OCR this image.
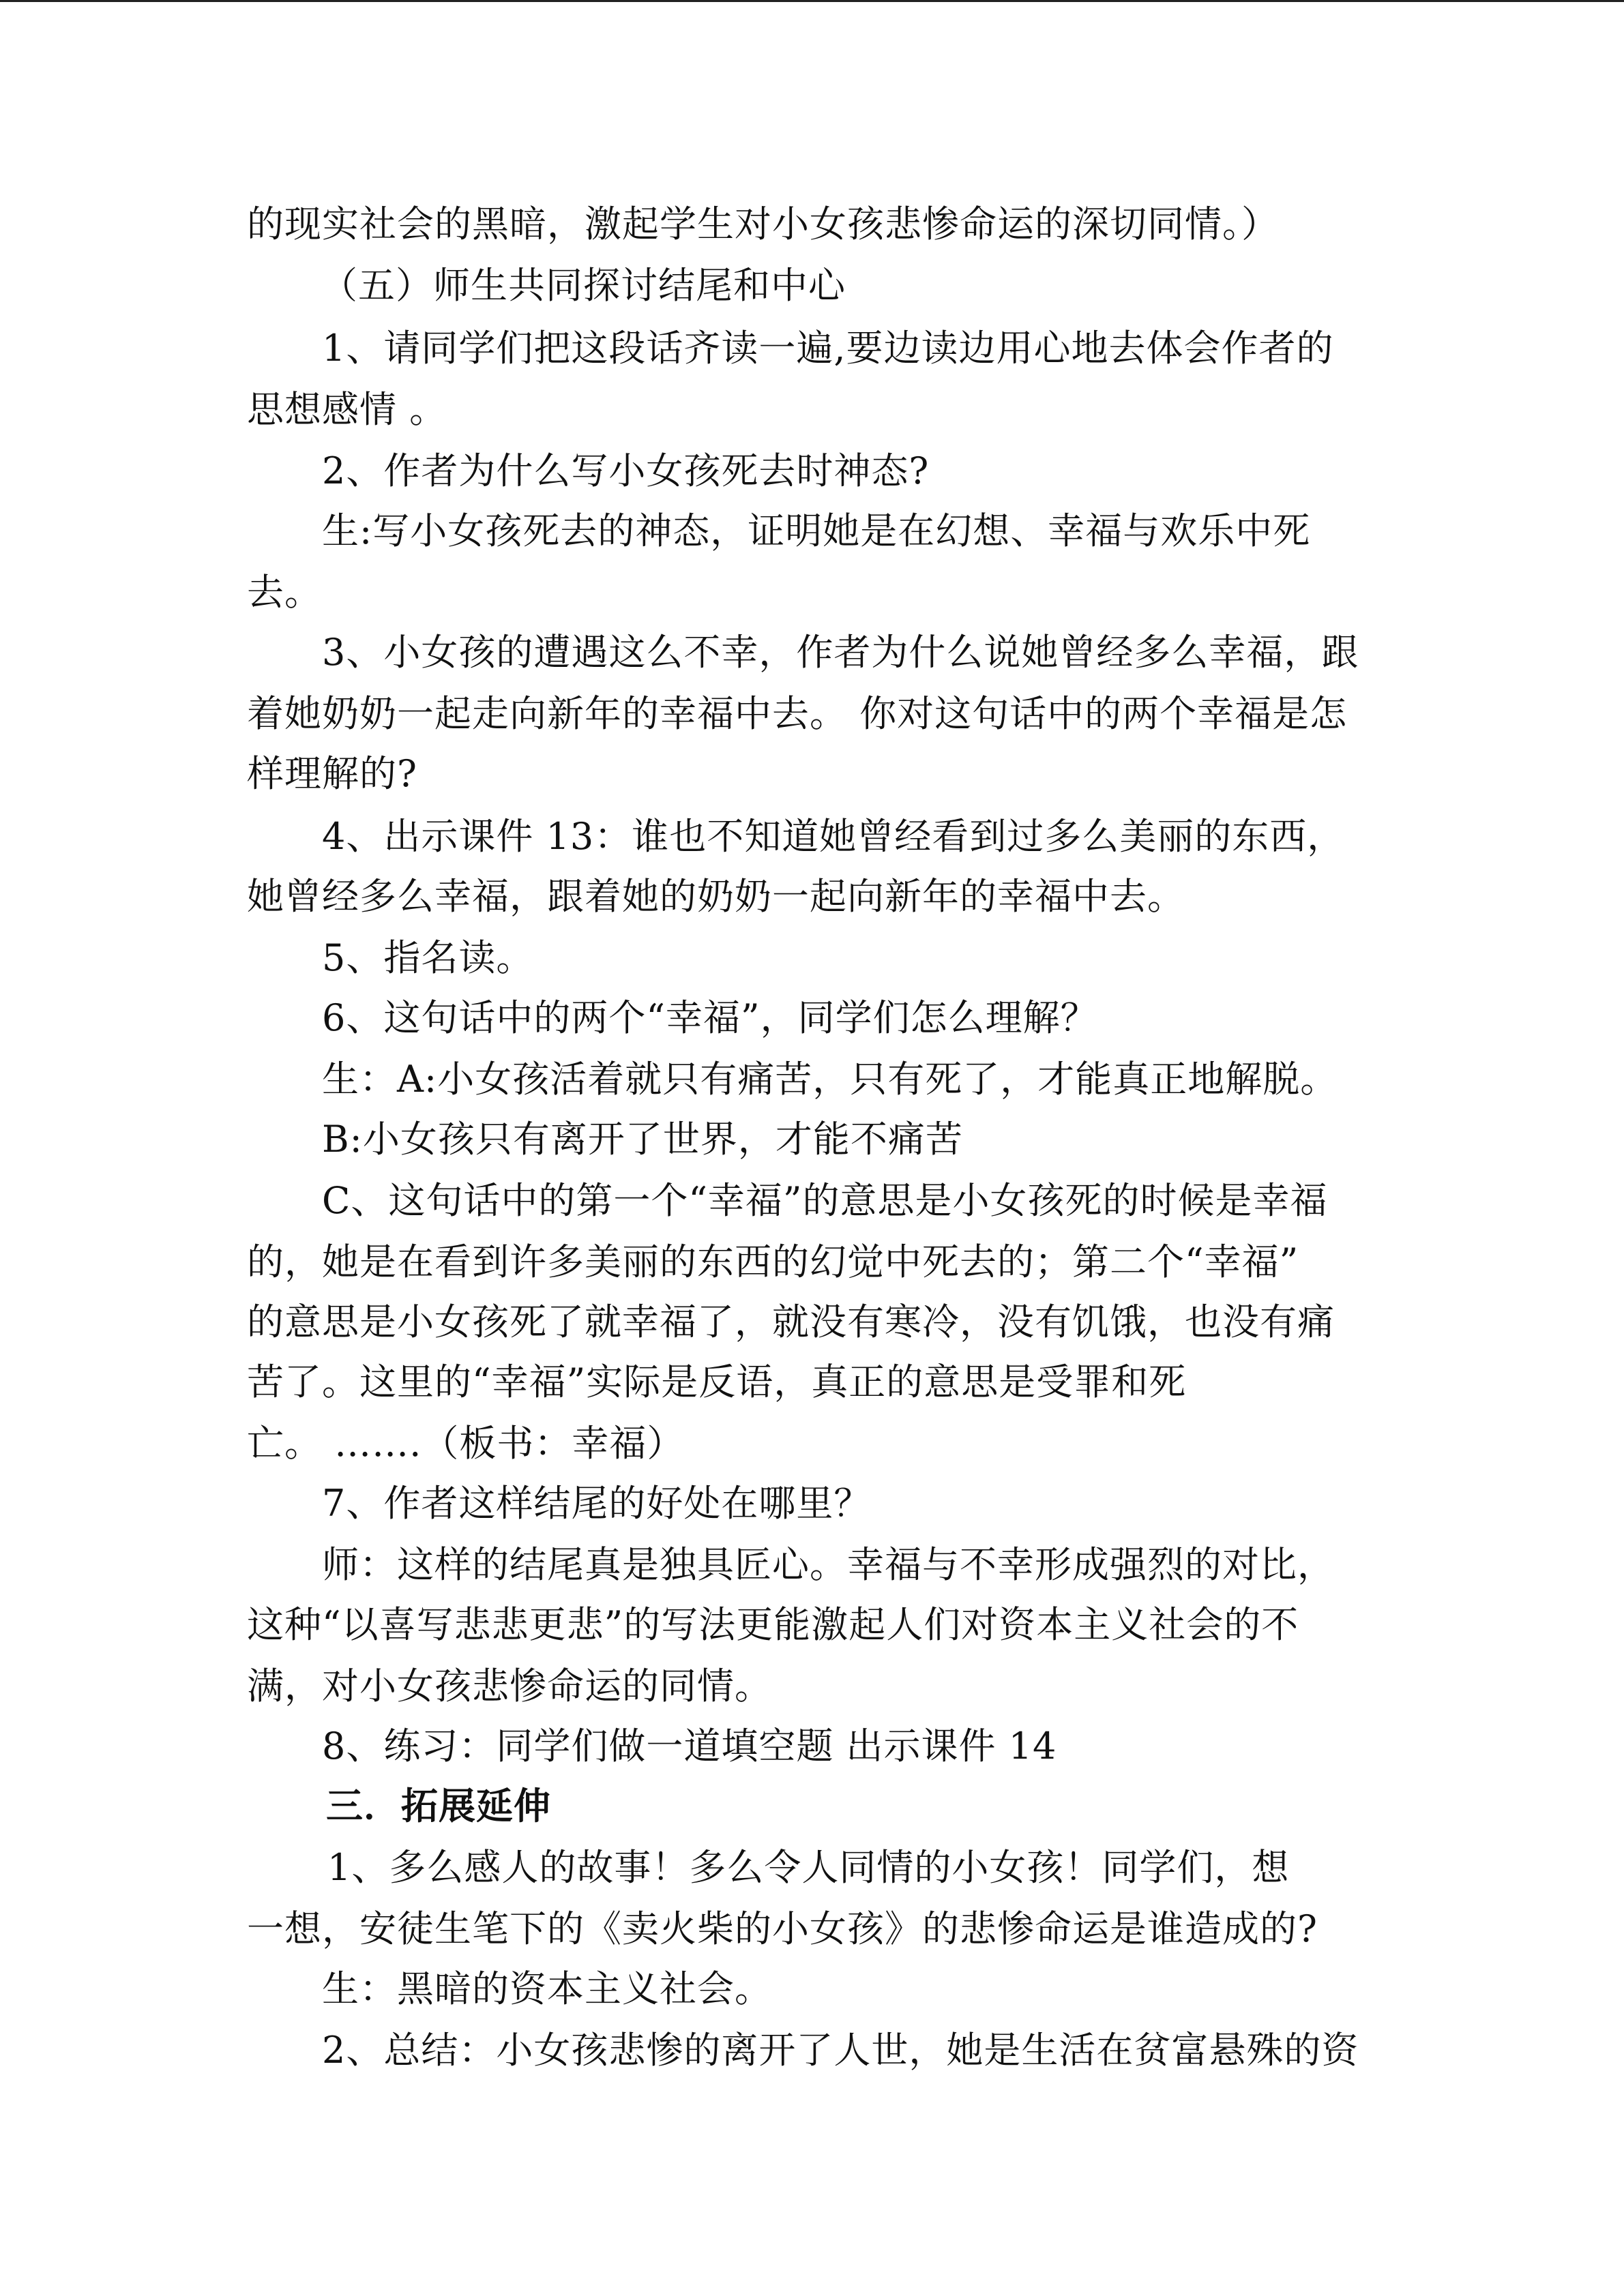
的现实社会的黑暗，激起学生对小女孩悲惨命运的深切同情。）
（五）师生共同探讨结尾和中心
1、请同学们把这段话齐读一遍,要边读边用心地去体会作者的
思想感情 。
2、作者为什么写小女孩死去时神态?
生:写小女孩死去的神态，证明她是在幻想、幸福与欢乐中死
去。
3、小女孩的遭遇这么不幸，作者为什么说她曾经多么幸福，跟
着她奶奶一起走向新年的幸福中去。 你对这句话中的两个幸福是怎
样理解的?
4、出示课件 13：谁也不知道她曾经看到过多么美丽的东西，
她曾经多么幸福，跟着她的奶奶一起向新年的幸福中去。
5、指名读。
6、这句话中的两个“幸福”，同学们怎么理解？
生：A:小女孩活着就只有痛苦，只有死了，才能真正地解脱。
B:小女孩只有离开了世界，才能不痛苦
C、这句话中的第一个“幸福”的意思是小女孩死的时候是幸福
的，她是在看到许多美丽的东西的幻觉中死去的；第二个“幸福”
的意思是小女孩死了就幸福了，就没有寒冷，没有饥饿，也没有痛
苦了。这里的“幸福”实际是反语，真正的意思是受罪和死
亡。 …….（板书：幸福）
7、作者这样结尾的好处在哪里？
师：这样的结尾真是独具匠心。幸福与不幸形成强烈的对比，
这种“以喜写悲悲更悲”的写法更能激起人们对资本主义社会的不
满，对小女孩悲惨命运的同情。
8、练习：同学们做一道填空题 出示课件 14
三．拓展延伸
1、多么感人的故事！多么令人同情的小女孩！同学们，想
一想，安徒生笔下的《卖火柴的小女孩》的悲惨命运是谁造成的?
生：黑暗的资本主义社会。
2、总结：小女孩悲惨的离开了人世，她是生活在贫富悬殊的资
